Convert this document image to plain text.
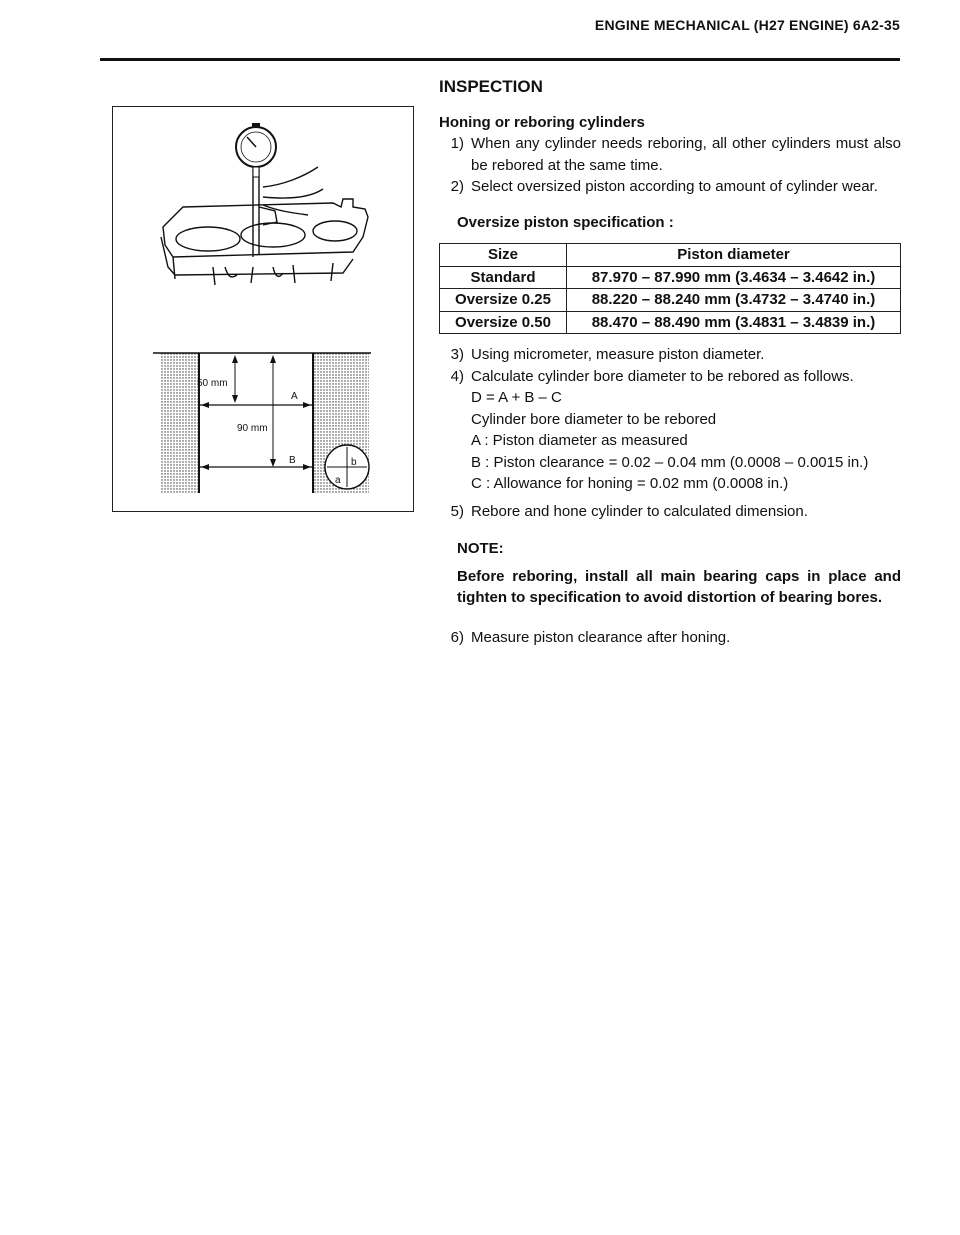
ENGINE MECHANICAL (H27 ENGINE) 6A2-35
50 mm
90 mm
A
B	b
a
INSPECTION
Honing or reboring cylinders
1) When any cylinder needs reboring, all other cylinders must also be rebored at the same time.
2) Select oversized piston according to amount of cylinder wear.
Oversize piston specification :
Size	Piston diameter
Standard	87.970 – 87.990 mm (3.4634 – 3.4642 in.)
Oversize 0.25	88.220 – 88.240 mm (3.4732 – 3.4740 in.)
Oversize 0.50	88.470 – 88.490 mm (3.4831 – 3.4839 in.)
3) Using micrometer, measure piston diameter.
4) Calculate cylinder bore diameter to be rebored as follows.
D = A + B – C
Cylinder bore diameter to be rebored
A : Piston diameter as measured
B : Piston clearance = 0.02 – 0.04 mm (0.0008 – 0.0015 in.)
C : Allowance for honing = 0.02 mm (0.0008 in.)
5) Rebore and hone cylinder to calculated dimension.
NOTE:
Before reboring, install all main bearing caps in place and tighten to specification to avoid distortion of bearing bores.
6) Measure piston clearance after honing.
